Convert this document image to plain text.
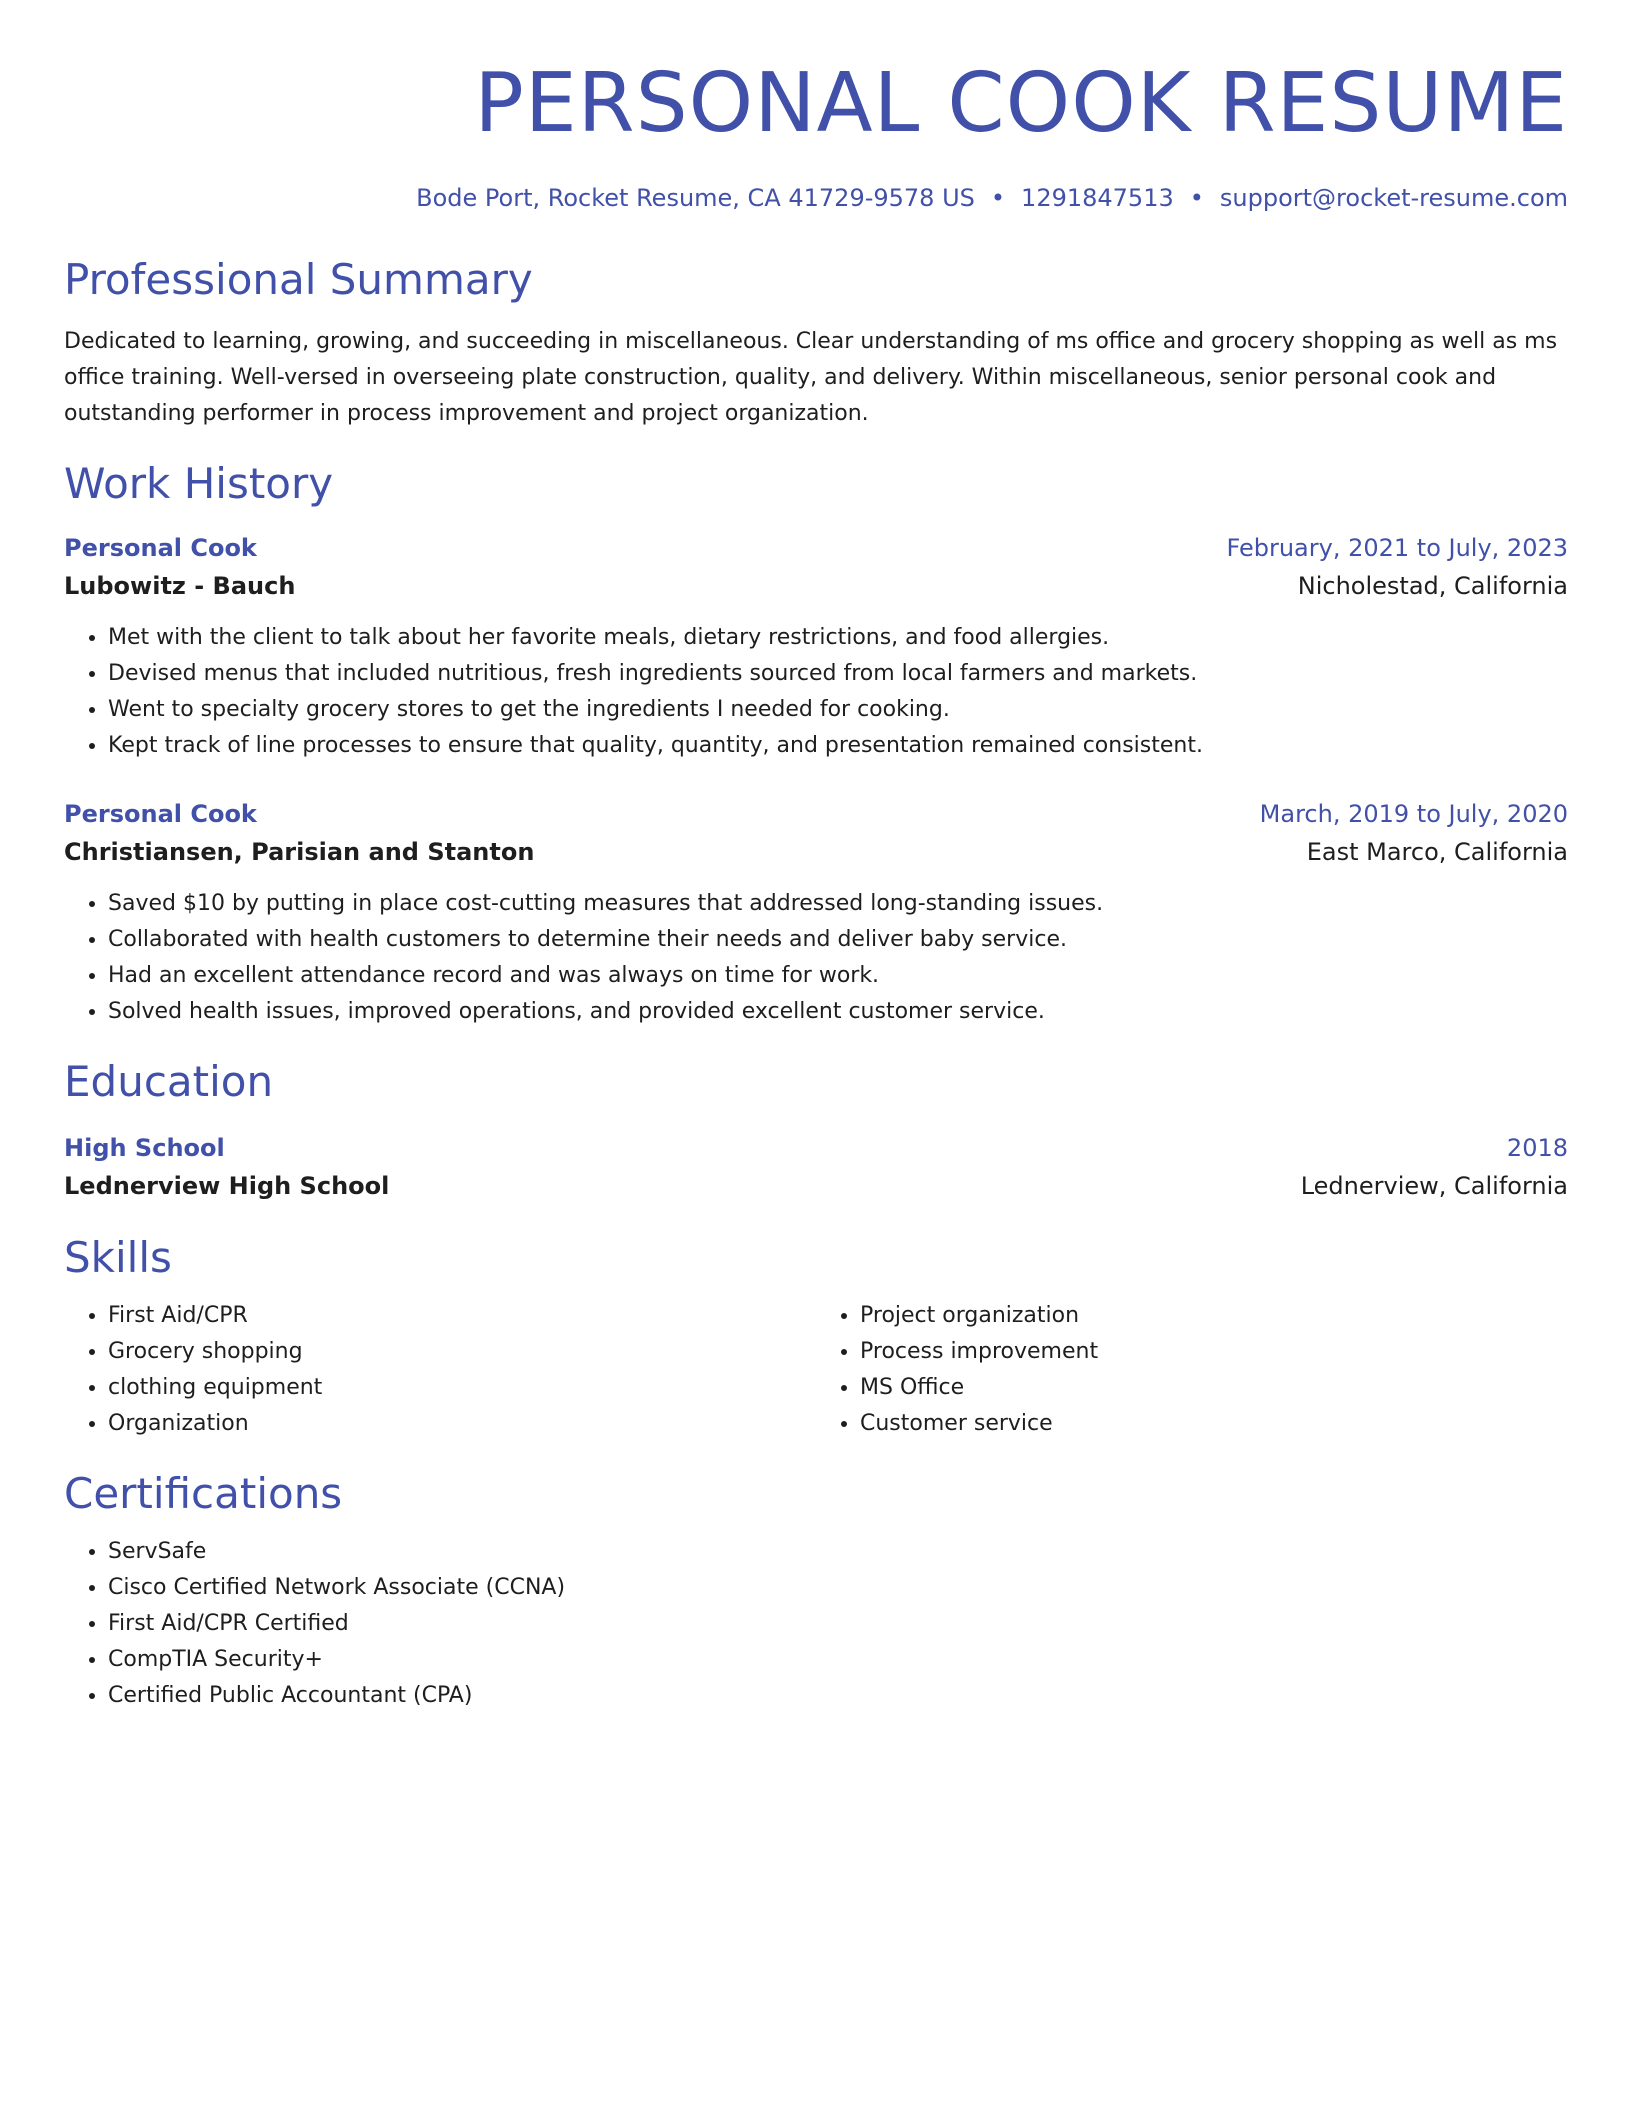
PERSONAL COOK RESUME
Bode Port, Rocket Resume, CA 41729-9578 US • 1291847513 • support@rocket-resume.com
Professional Summary
Dedicated to learning, growing, and succeeding in miscellaneous. Clear understanding of ms office and grocery shopping as well as ms office training. Well-versed in overseeing plate construction, quality, and delivery. Within miscellaneous, senior personal cook and outstanding performer in process improvement and project organization.
Work History
Personal Cook	February, 2021 to July, 2023
Lubowitz - Bauch	Nicholestad, California
• Met with the client to talk about her favorite meals, dietary restrictions, and food allergies.
• Devised menus that included nutritious, fresh ingredients sourced from local farmers and markets.
• Went to specialty grocery stores to get the ingredients I needed for cooking.
• Kept track of line processes to ensure that quality, quantity, and presentation remained consistent.
Personal Cook	March, 2019 to July, 2020
Christiansen, Parisian and Stanton	East Marco, California
• Saved $10 by putting in place cost-cutting measures that addressed long-standing issues.
• Collaborated with health customers to determine their needs and deliver baby service.
• Had an excellent attendance record and was always on time for work.
• Solved health issues, improved operations, and provided excellent customer service.
Education
High School	2018
Lednerview High School	Lednerview, California
Skills
• First Aid/CPR
• Grocery shopping
• clothing equipment
• Organization
• Project organization
• Process improvement
• MS Office
• Customer service
Certifications
• ServSafe
• Cisco Certified Network Associate (CCNA)
• First Aid/CPR Certified
• CompTIA Security+
• Certified Public Accountant (CPA)
